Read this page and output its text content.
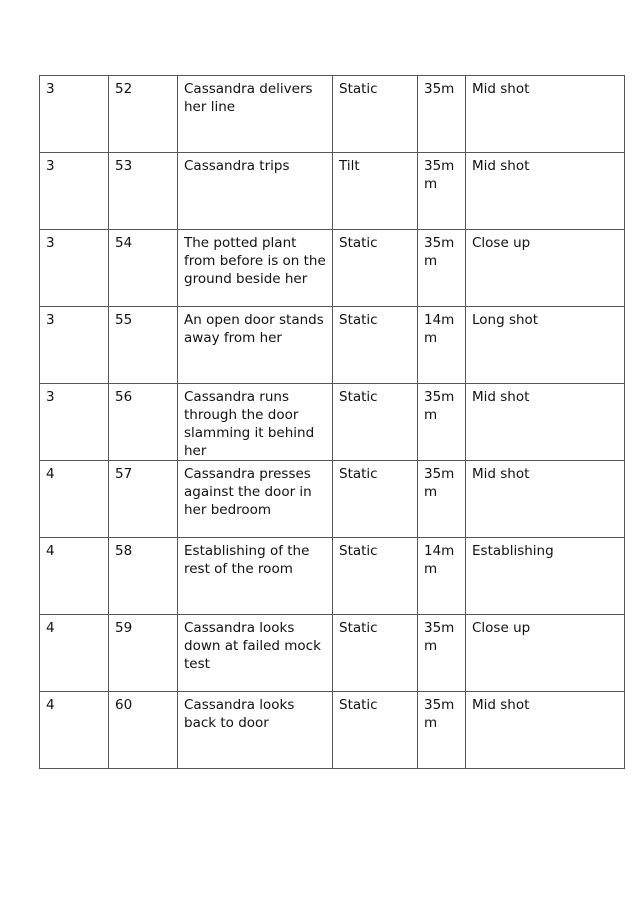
3	52	Cassandra delivers her line	Static	35m	Mid shot
3	53	Cassandra trips	Tilt	35mm	Mid shot
3	54	The potted plant from before is on the ground beside her	Static	35mm	Close up
3	55	An open door stands away from her	Static	14mm	Long shot
3	56	Cassandra runs through the door slamming it behind her	Static	35mm	Mid shot
4	57	Cassandra presses against the door in her bedroom	Static	35mm	Mid shot
4	58	Establishing of the rest of the room	Static	14mm	Establishing
4	59	Cassandra looks down at failed mock test	Static	35mm	Close up
4	60	Cassandra looks back to door	Static	35mm	Mid shot
